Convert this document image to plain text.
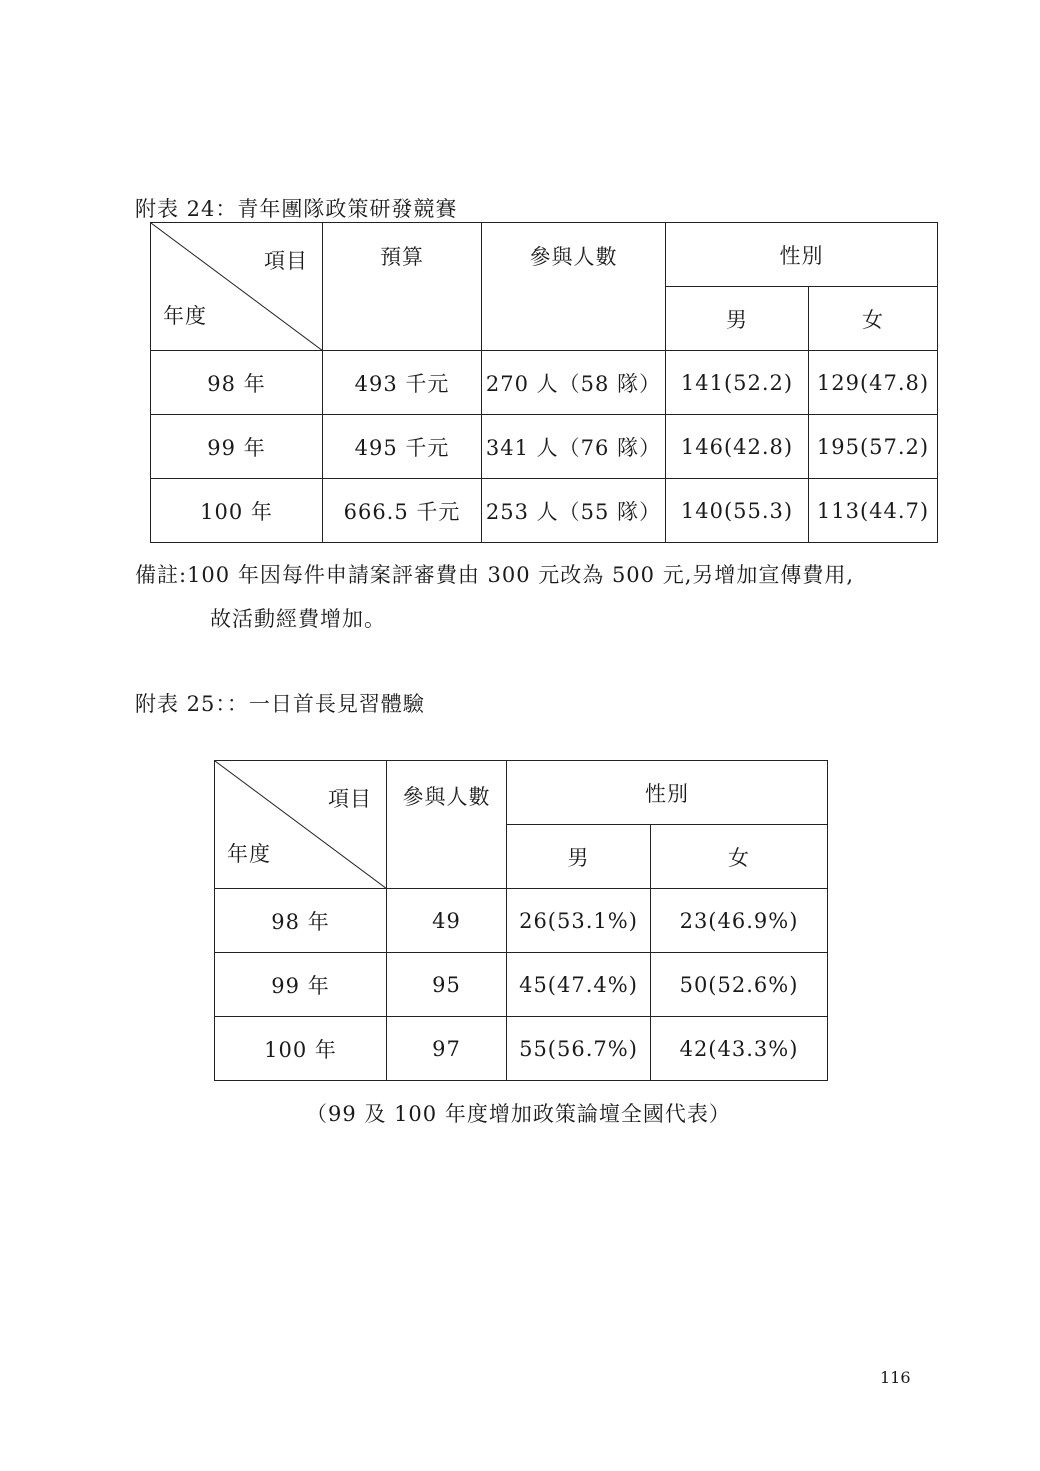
附表 24：青年團隊政策研發競賽
項目
年度	預算	參與人數	性別	
			男	女
98 年	493 千元	270 人（58 隊）	141(52.2)	129(47.8)
99 年	495 千元	341 人（76 隊）	146(42.8)	195(57.2)
100 年	666.5 千元	253 人（55 隊）	140(55.3)	113(44.7)
備註:100 年因每件申請案評審費由 300 元改為 500 元,另增加宣傳費用,
故活動經費增加。
附表 25：：一日首長見習體驗
項目
年度	參與人數	性別	
		男	女
98 年	49	26(53.1%)	23(46.9%)
99 年	95	45(47.4%)	50(52.6%)
100 年	97	55(56.7%)	42(43.3%)
（99 及 100 年度增加政策論壇全國代表）
116
